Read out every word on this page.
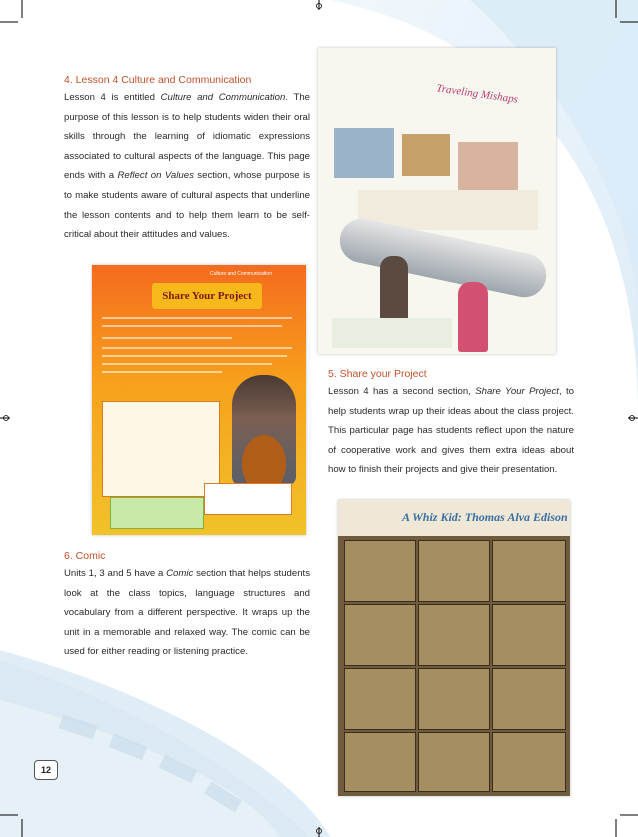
4. Lesson 4 Culture and Communication
Lesson 4 is entitled Culture and Communication. The purpose of this lesson is to help students widen their oral skills through the learning of idiomatic expressions associated to cultural aspects of the language. This page ends with a Reflect on Values section, whose purpose is to make students aware of cultural aspects that underline the lesson contents and to help them learn to be self-critical about their attitudes and values.
Traveling Mishaps
Culture and Communication
Share Your Project
5. Share your Project
Lesson 4 has a second section, Share Your Project, to help students wrap up their ideas about the class project. This particular page has students reflect upon the nature of cooperative work and gives them extra ideas about how to finish their projects and give their presentation.
6. Comic
Units 1, 3 and 5 have a Comic section that helps students look at the class topics, language structures and vocabulary from a different perspective. It wraps up the unit in a memorable and relaxed way. The comic can be used for either reading or listening practice.
A Whiz Kid: Thomas Alva Edison
12
